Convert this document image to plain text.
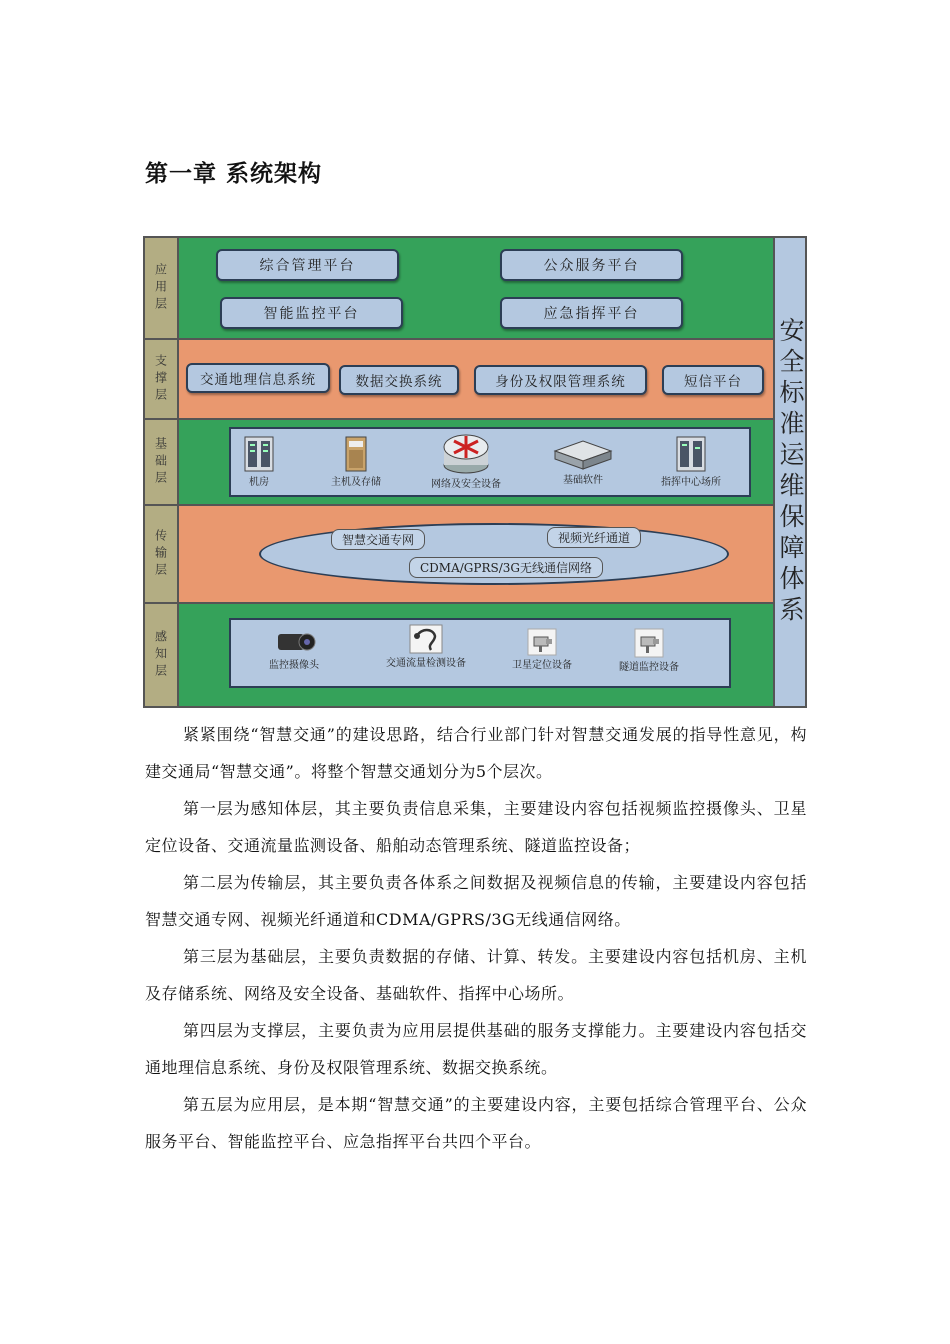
第一章 系统架构
应用层	综合管理平台	公众服务平台
智能监控平台	应急指挥平台
支撑层	交通地理信息系统	数据交换系统	身份及权限管理系统	短信平台
基础层	机房	主机及存储	网络及安全设备	基础软件	指挥中心场所
传输层	智慧交通专网	视频光纤通道
CDMA/GPRS/3G无线通信网络
感知层	监控摄像头	交通流量检测设备	卫星定位设备	隧道监控设备
安全标准运维保障体系

紧紧围绕“智慧交通”的建设思路，结合行业部门针对智慧交通发展的指导性意见，构建交通局“智慧交通”。将整个智慧交通划分为5个层次。

第一层为感知体层，其主要负责信息采集，主要建设内容包括视频监控摄像头、卫星定位设备、交通流量监测设备、船舶动态管理系统、隧道监控设备；

第二层为传输层，其主要负责各体系之间数据及视频信息的传输，主要建设内容包括智慧交通专网、视频光纤通道和CDMA/GPRS/3G无线通信网络。

第三层为基础层，主要负责数据的存储、计算、转发。主要建设内容包括机房、主机及存储系统、网络及安全设备、基础软件、指挥中心场所。

第四层为支撑层，主要负责为应用层提供基础的服务支撑能力。主要建设内容包括交通地理信息系统、身份及权限管理系统、数据交换系统。

第五层为应用层，是本期“智慧交通”的主要建设内容，主要包括综合管理平台、公众服务平台、智能监控平台、应急指挥平台共四个平台。
